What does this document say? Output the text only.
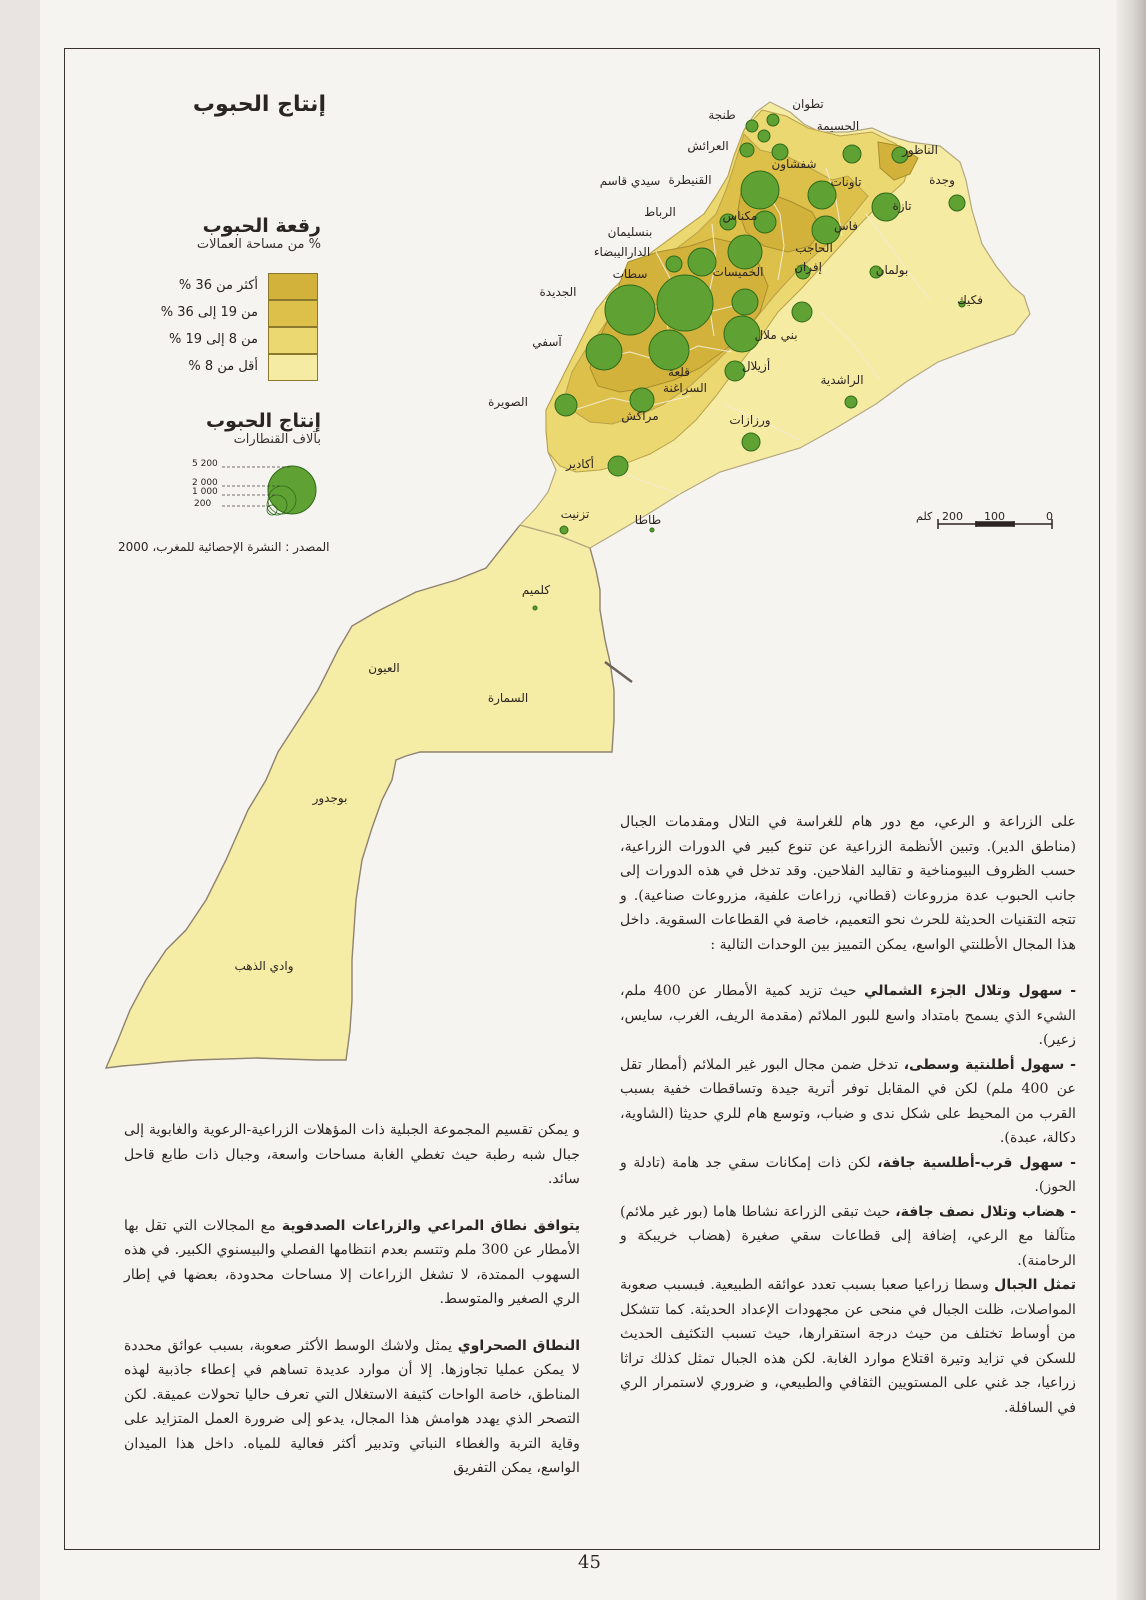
إنتاج الحبوب
رقعة الحبوب
% من مساحة العمالات
أكثر من 36 %
من 19 إلى 36 %
من 8 إلى 19 %
أقل من 8 %
إنتاج الحبوب
بآلاف القنطارات
5 200
2 000
1 000
200
المصدر : النشرة الإحصائية للمغرب، 2000
0
100
200
كلم
تطوان
طنجة
الحسيمة
العرائش	الناظور
شفشاون
القنيطرة
سيدي قاسم	وجدة
تاونات
تازة
الرباط	مكناس
بنسليمان	فاس
الداراليبضاء	الحاجب
الخميسات	إفران	بولمان
سطات
الجديدة
فكيك
بني ملال
آسفي
أزيلال
الراشدية
قلعة
السراغنة
الصويرة
مراكش	ورزازات
أكادير
تزنيت	طاطا
كلميم
العيون
السمارة
بوجدور
وادي الذهب

على الزراعة و الرعي، مع دور هام للغراسة في التلال ومقدمات الجبال (مناطق الدير). وتبين الأنظمة الزراعية عن تنوع كبير في الدورات الزراعية، حسب الظروف البيومناخية و تقاليد الفلاحين. وقد تدخل في هذه الدورات إلى جانب الحبوب عدة مزروعات (قطاني، زراعات علفية، مزروعات صناعية). و تتجه التقنيات الحديثة للحرث نحو التعميم، خاصة في القطاعات السقوية. داخل هذا المجال الأطلنتي الواسع، يمكن التمييز بين الوحدات التالية :

- سهول وتلال الجزء الشمالي حيث تزيد كمية الأمطار عن 400 ملم، الشيء الذي يسمح بامتداد واسع للبور الملائم (مقدمة الريف، الغرب، سايس، زعير).

- سهول أطلنتية وسطى، تدخل ضمن مجال البور غير الملائم (أمطار تقل عن 400 ملم) لكن في المقابل توفر أترية جيدة وتساقطات خفية بسبب القرب من المحيط على شكل ندى و ضباب، وتوسع هام للري حديثا (الشاوية، دكالة، عبدة).

- سهول قرب-أطلسية جافة، لكن ذات إمكانات سقي جد هامة (تادلة و الحوز).

- هضاب وتلال نصف جافة، حيث تبقى الزراعة نشاطا هاما (بور غير ملائم) متآلفا مع الرعي، إضافة إلى قطاعات سقي صغيرة (هضاب خريبكة و الرحامنة).

تمثل الجبال وسطا زراعيا صعبا بسبب تعدد عوائقه الطبيعية. فبسبب صعوبة المواصلات، ظلت الجبال في منحى عن مجهودات الإعداد الحديثة. كما تتشكل من أوساط تختلف من حيث درجة استقرارها، حيث تسبب التكثيف الحديث للسكن في تزايد وتيرة اقتلاع موارد الغابة. لكن هذه الجبال تمثل كذلك تراثا زراعيا، جد غني على المستويين الثقافي والطبيعي، و ضروري لاستمرار الري في السافلة.

و يمكن تقسيم المجموعة الجبلية ذات المؤهلات الزراعية-الرعوية والغابوية إلى جبال شبه رطبة حيث تغطي الغابة مساحات واسعة، وجبال ذات طابع قاحل سائد.

يتوافق نطاق المراعي والزراعات الصدفوية مع المجالات التي تقل بها الأمطار عن 300 ملم وتتسم بعدم انتظامها الفصلي والبيسنوي الكبير. في هذه السهوب الممتدة، لا تشغل الزراعات إلا مساحات محدودة، بعضها في إطار الري الصغير والمتوسط.

النطاق الصحراوي يمثل ولاشك الوسط الأكثر صعوبة، بسبب عوائق محددة لا يمكن عمليا تجاوزها. إلا أن موارد عديدة تساهم في إعطاء جاذبية لهذه المناطق، خاصة الواحات كثيفة الاستغلال التي تعرف حاليا تحولات عميقة. لكن التصحر الذي يهدد هوامش هذا المجال، يدعو إلى ضرورة العمل المتزايد على وقاية التربة والغطاء النباتي وتدبير أكثر فعالية للمياه. داخل هذا الميدان الواسع، يمكن التفريق

45
